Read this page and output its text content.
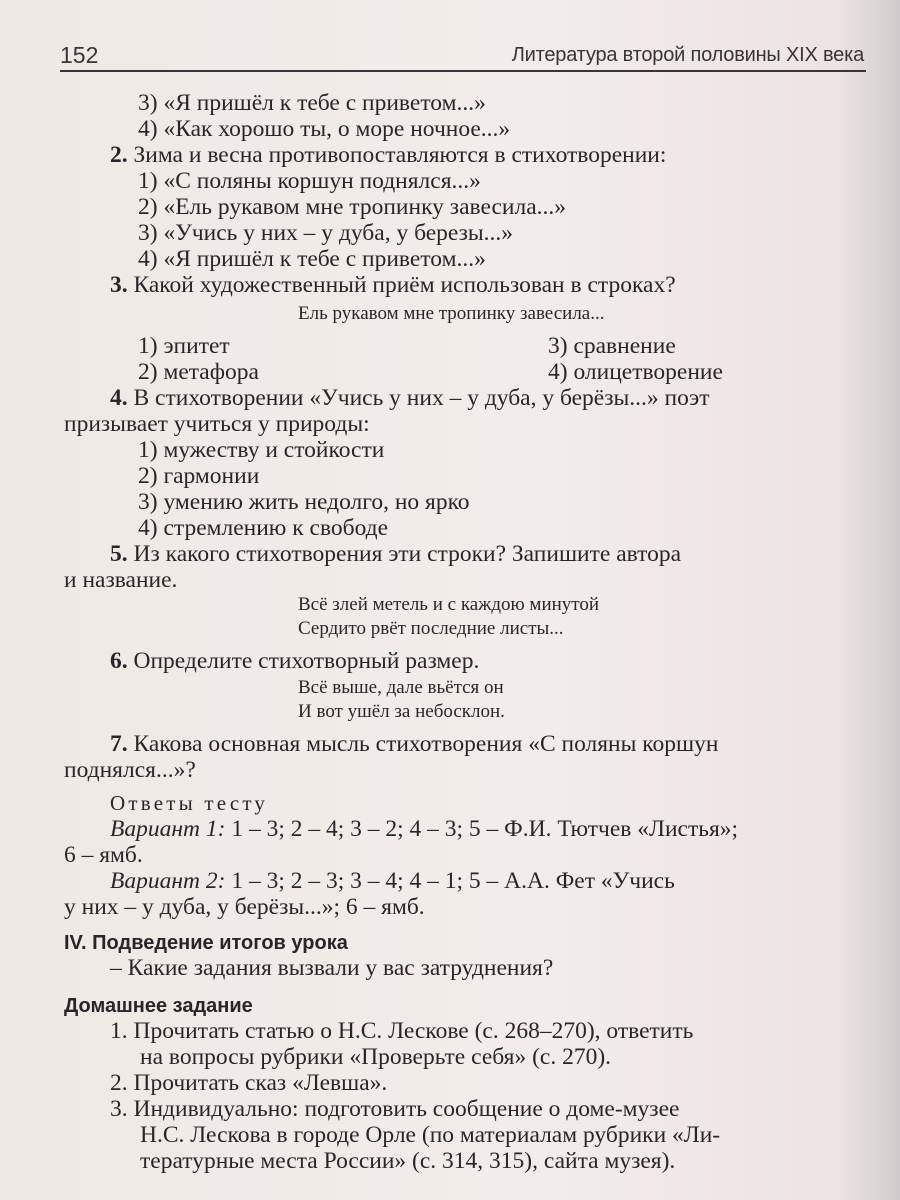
152	Литература второй половины XIX века
3) «Я пришёл к тебе с приветом...»
4) «Как хорошо ты, о море ночное...»
2. Зима и весна противопоставляются в стихотворении:
1) «С поляны коршун поднялся...»
2) «Ель рукавом мне тропинку завесила...»
3) «Учись у них – у дуба, у березы...»
4) «Я пришёл к тебе с приветом...»
3. Какой художественный приём использован в строках?
Ель рукавом мне тропинку завесила...
1) эпитет	3) сравнение
2) метафора	4) олицетворение
4. В стихотворении «Учись у них – у дуба, у берёзы...» поэт
призывает учиться у природы:
1) мужеству и стойкости
2) гармонии
3) умению жить недолго, но ярко
4) стремлению к свободе
5. Из какого стихотворения эти строки? Запишите автора
и название.
Всё злей метель и с каждою минутой
Сердито рвёт последние листы...
6. Определите стихотворный размер.
Всё выше, дале вьётся он
И вот ушёл за небосклон.
7. Какова основная мысль стихотворения «С поляны коршун
поднялся...»?
Ответы тесту
Вариант 1: 1 – 3; 2 – 4; 3 – 2; 4 – 3; 5 – Ф.И. Тютчев «Листья»;
6 – ямб.
Вариант 2: 1 – 3; 2 – 3; 3 – 4; 4 – 1; 5 – А.А. Фет «Учись
у них – у дуба, у берёзы...»; 6 – ямб.
IV. Подведение итогов урока
– Какие задания вызвали у вас затруднения?
Домашнее задание
1. Прочитать статью о Н.С. Лескове (с. 268–270), ответить
на вопросы рубрики «Проверьте себя» (с. 270).
2. Прочитать сказ «Левша».
3. Индивидуально: подготовить сообщение о доме-музее
Н.С. Лескова в городе Орле (по материалам рубрики «Ли-
тературные места России» (с. 314, 315), сайта музея).
